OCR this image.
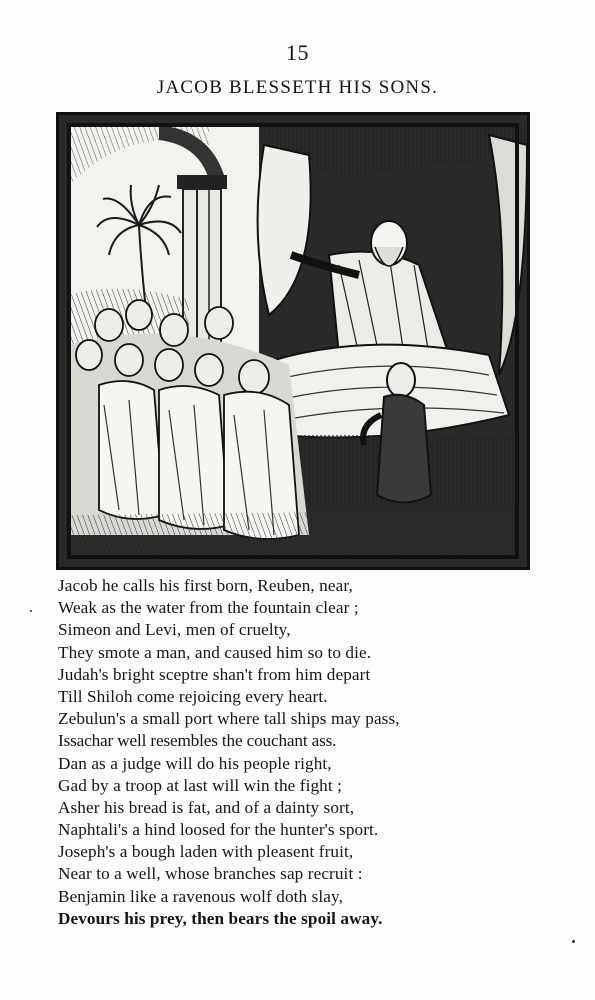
15
JACOB BLESSETH HIS SONS.
Jacob he calls his first born, Reuben, near,
Weak as the water from the fountain clear ;
Simeon and Levi, men of cruelty,
They smote a man, and caused him so to die.
Judah's bright sceptre shan't from him depart
Till Shiloh come rejoicing every heart.
Zebulun's a small port where tall ships may pass,
Issachar well resembles the couchant ass.
Dan as a judge will do his people right,
Gad by a troop at last will win the fight ;
Asher his bread is fat, and of a dainty sort,
Naphtali's a hind loosed for the hunter's sport.
Joseph's a bough laden with pleasent fruit,
Near to a well, whose branches sap recruit :
Benjamin like a ravenous wolf doth slay,
Devours his prey, then bears the spoil away.
